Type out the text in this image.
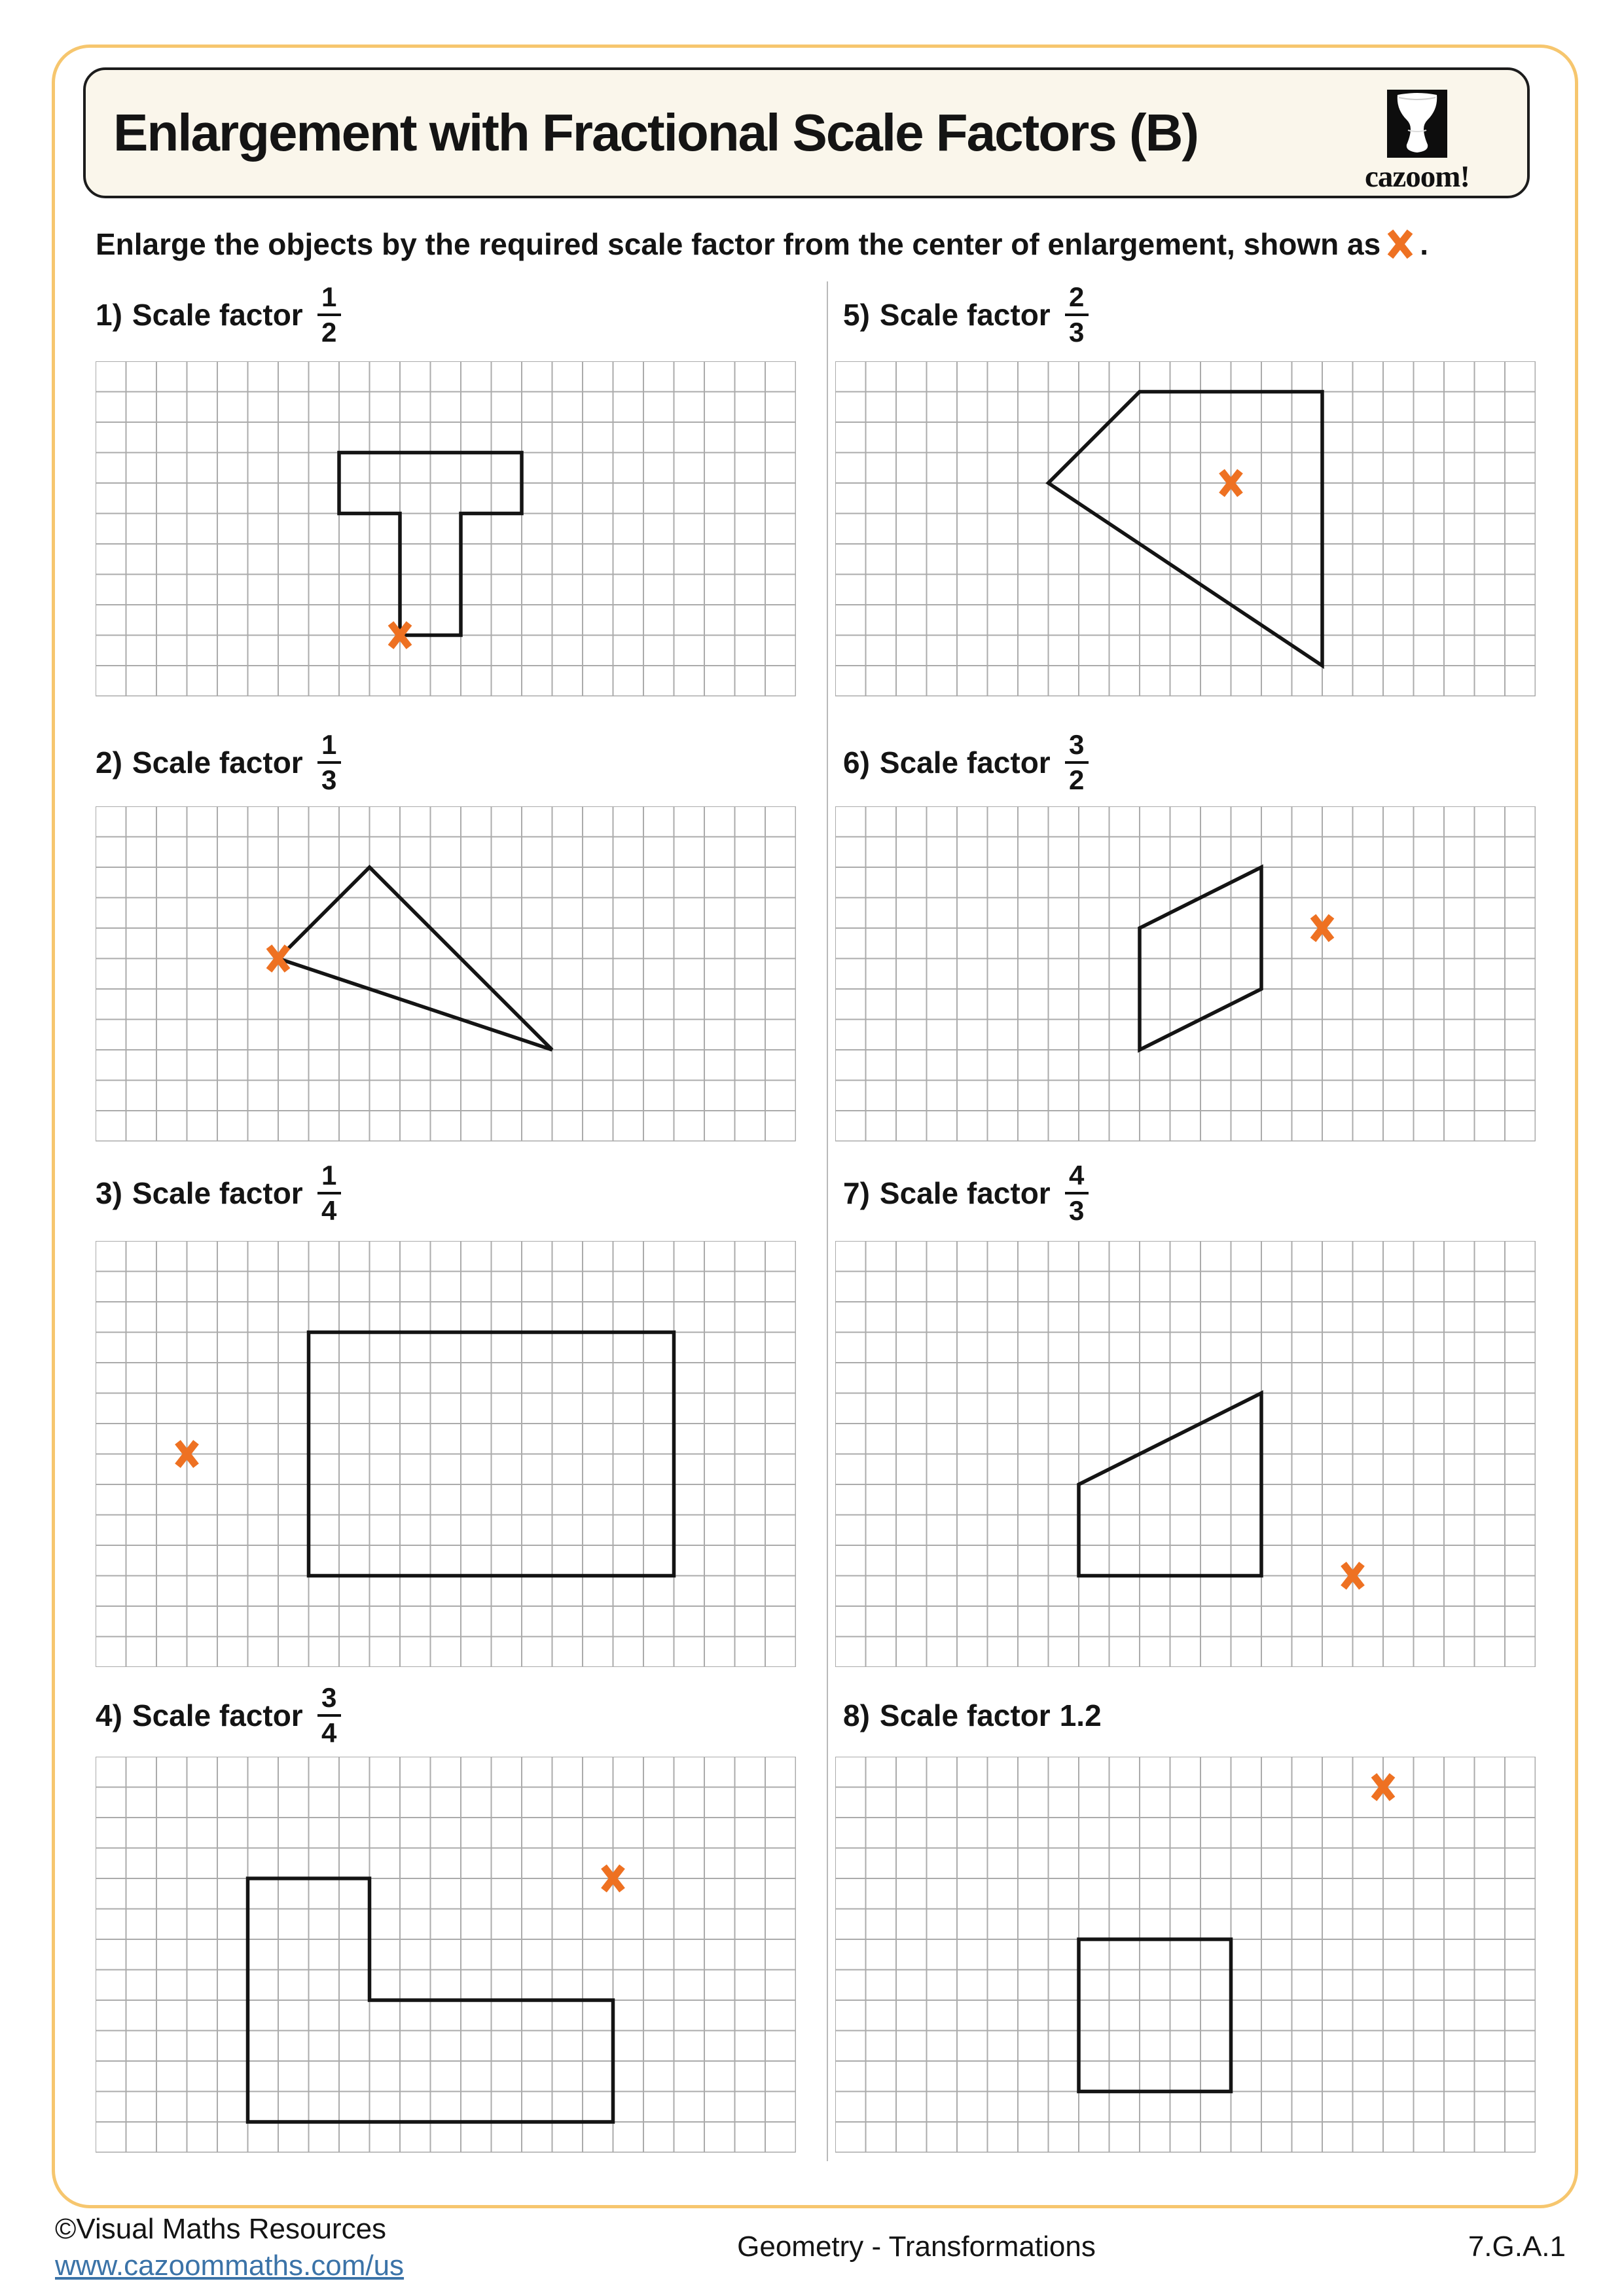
Enlargement with Fractional Scale Factors (B)
cazoom!

Enlarge the objects by the required scale factor from the center of enlargement, shown as .

1) Scale factor $\frac{1}{2}$
2) Scale factor $\frac{1}{3}$
3) Scale factor $\frac{1}{4}$
4) Scale factor $\frac{3}{4}$
5) Scale factor $\frac{2}{3}$
6) Scale factor $\frac{3}{2}$
7) Scale factor $\frac{4}{3}$
8) Scale factor 1.2
©Visual Maths Resources
www.cazoommaths.com/us
Geometry - Transformations	7.G.A.1
